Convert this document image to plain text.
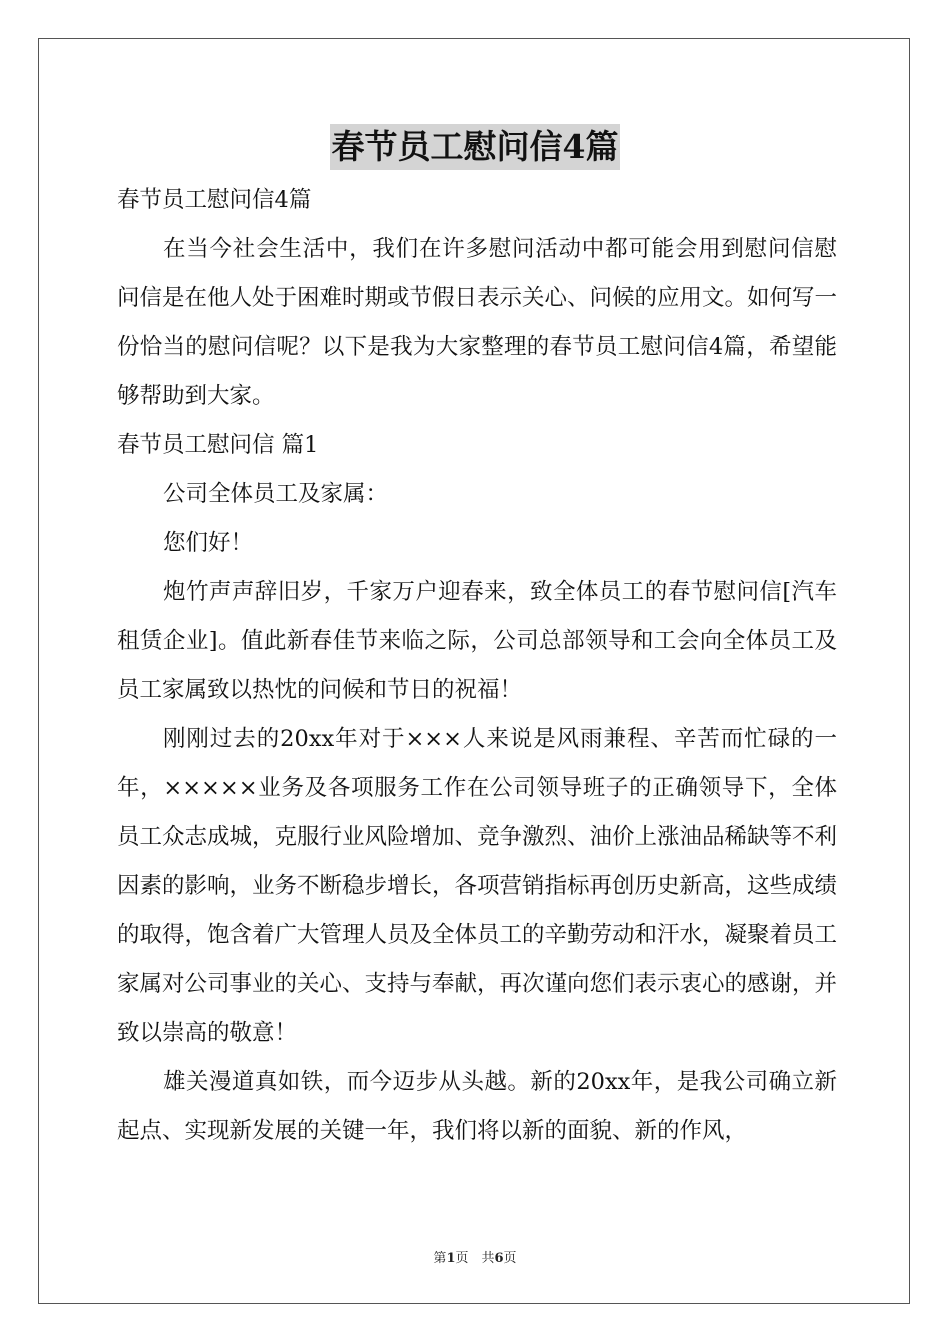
春节员工慰问信4篇

春节员工慰问信4篇

在当今社会生活中，我们在许多慰问活动中都可能会用到慰问信慰问信是在他人处于困难时期或节假日表示关心、问候的应用文。如何写一份恰当的慰问信呢？以下是我为大家整理的春节员工慰问信4篇，希望能够帮助到大家。

春节员工慰问信 篇1

公司全体员工及家属：

您们好！

炮竹声声辞旧岁，千家万户迎春来，致全体员工的春节慰问信[汽车租赁企业]。值此新春佳节来临之际，公司总部领导和工会向全体员工及员工家属致以热忱的问候和节日的祝福！

刚刚过去的20xx年对于×××人来说是风雨兼程、辛苦而忙碌的一年，×××××业务及各项服务工作在公司领导班子的正确领导下，全体员工众志成城，克服行业风险增加、竞争激烈、油价上涨油品稀缺等不利因素的影响，业务不断稳步增长，各项营销指标再创历史新高，这些成绩的取得，饱含着广大管理人员及全体员工的辛勤劳动和汗水，凝聚着员工家属对公司事业的关心、支持与奉献，再次谨向您们表示衷心的感谢，并致以崇高的敬意！

雄关漫道真如铁，而今迈步从头越。新的20xx年，是我公司确立新起点、实现新发展的关键一年，我们将以新的面貌、新的作风，

第1页　共6页
